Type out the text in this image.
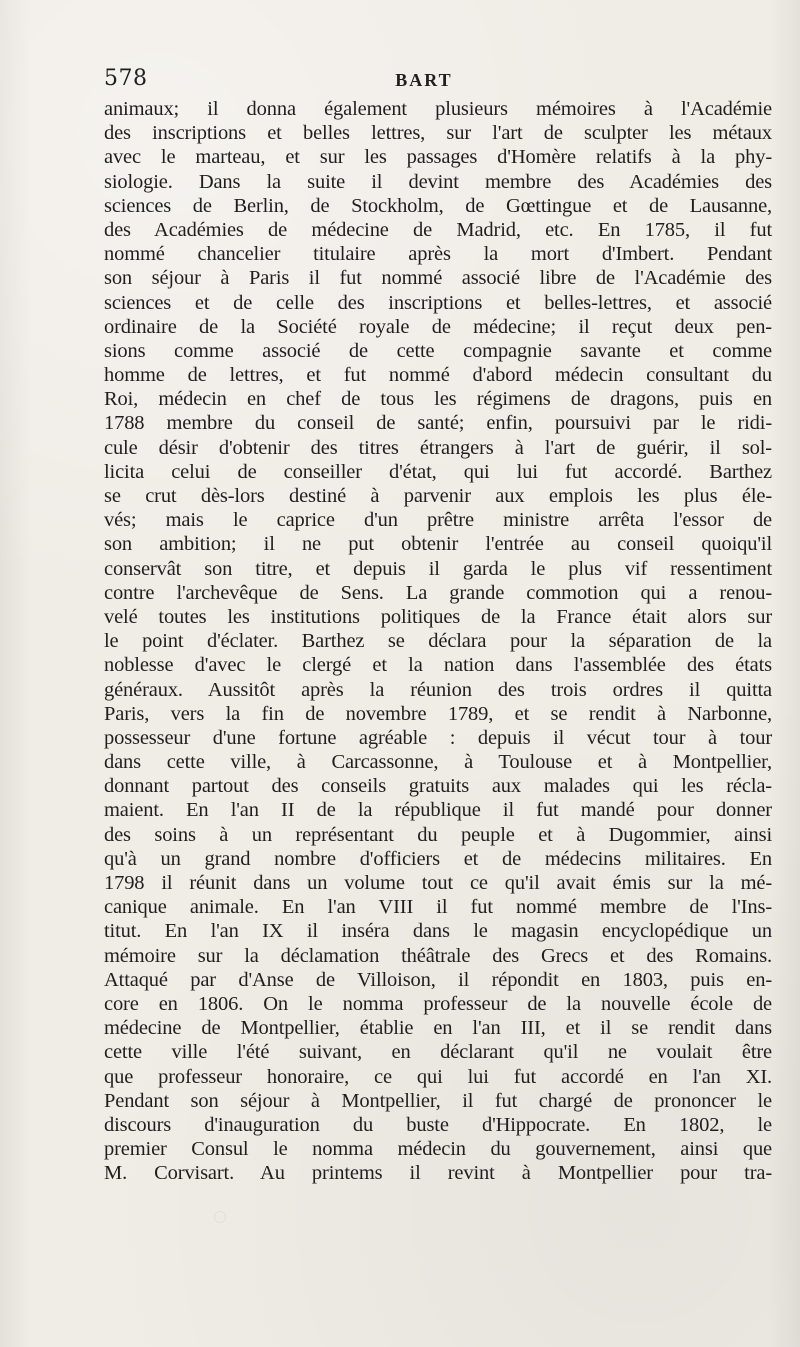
578	BART
animaux; il donna également plusieurs mémoires à l'Académie
des inscriptions et belles lettres, sur l'art de sculpter les métaux
avec le marteau, et sur les passages d'Homère relatifs à la phy-
siologie. Dans la suite il devint membre des Académies des
sciences de Berlin, de Stockholm, de Gœttingue et de Lausanne,
des Académies de médecine de Madrid, etc. En 1785, il fut
nommé chancelier titulaire après la mort d'Imbert. Pendant
son séjour à Paris il fut nommé associé libre de l'Académie des
sciences et de celle des inscriptions et belles-lettres, et associé
ordinaire de la Société royale de médecine; il reçut deux pen-
sions comme associé de cette compagnie savante et comme
homme de lettres, et fut nommé d'abord médecin consultant du
Roi, médecin en chef de tous les régimens de dragons, puis en
1788 membre du conseil de santé; enfin, poursuivi par le ridi-
cule désir d'obtenir des titres étrangers à l'art de guérir, il sol-
licita celui de conseiller d'état, qui lui fut accordé. Barthez
se crut dès-lors destiné à parvenir aux emplois les plus éle-
vés; mais le caprice d'un prêtre ministre arrêta l'essor de
son ambition; il ne put obtenir l'entrée au conseil quoiqu'il
conservât son titre, et depuis il garda le plus vif ressentiment
contre l'archevêque de Sens. La grande commotion qui a renou-
velé toutes les institutions politiques de la France était alors sur
le point d'éclater. Barthez se déclara pour la séparation de la
noblesse d'avec le clergé et la nation dans l'assemblée des états
généraux. Aussitôt après la réunion des trois ordres il quitta
Paris, vers la fin de novembre 1789, et se rendit à Narbonne,
possesseur d'une fortune agréable : depuis il vécut tour à tour
dans cette ville, à Carcassonne, à Toulouse et à Montpellier,
donnant partout des conseils gratuits aux malades qui les récla-
maient. En l'an II de la république il fut mandé pour donner
des soins à un représentant du peuple et à Dugommier, ainsi
qu'à un grand nombre d'officiers et de médecins militaires. En
1798 il réunit dans un volume tout ce qu'il avait émis sur la mé-
canique animale. En l'an VIII il fut nommé membre de l'Ins-
titut. En l'an IX il inséra dans le magasin encyclopédique un
mémoire sur la déclamation théâtrale des Grecs et des Romains.
Attaqué par d'Anse de Villoison, il répondit en 1803, puis en-
core en 1806. On le nomma professeur de la nouvelle école de
médecine de Montpellier, établie en l'an III, et il se rendit dans
cette ville l'été suivant, en déclarant qu'il ne voulait être
que professeur honoraire, ce qui lui fut accordé en l'an XI.
Pendant son séjour à Montpellier, il fut chargé de prononcer le
discours d'inauguration du buste d'Hippocrate. En 1802, le
premier Consul le nomma médecin du gouvernement, ainsi que
M. Corvisart. Au printems il revint à Montpellier pour tra-
